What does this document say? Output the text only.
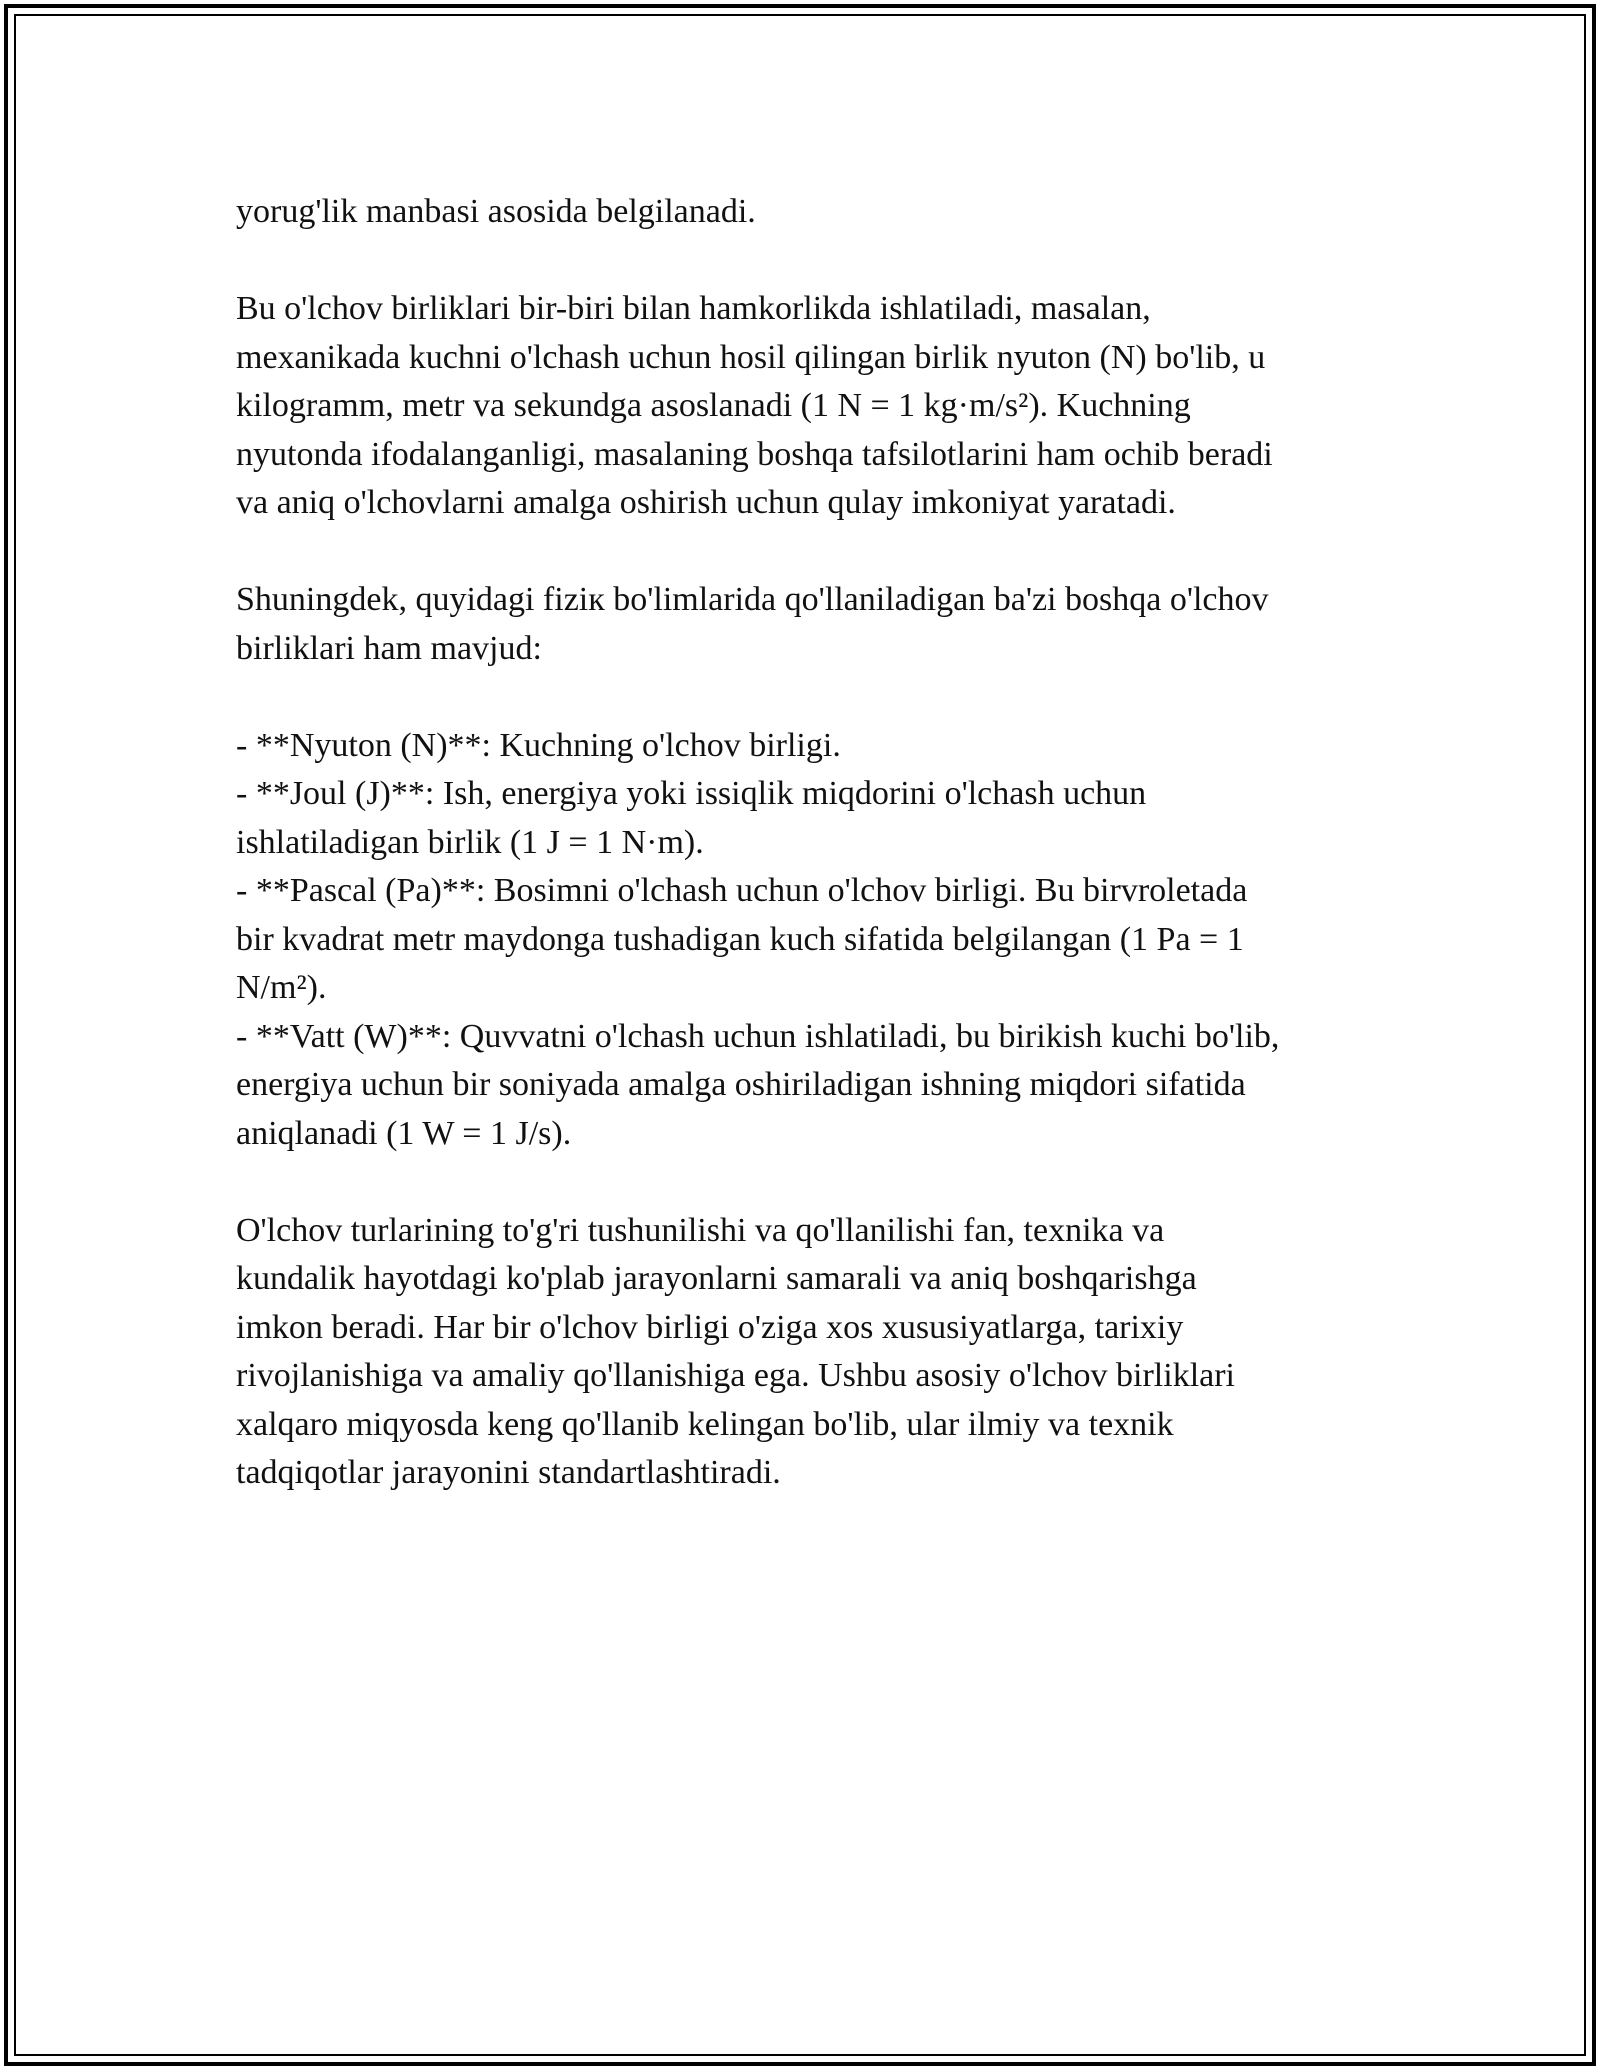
yorug'lik manbasi asosida belgilanadi.

Bu o'lchov birliklari bir-biri bilan hamkorlikda ishlatiladi, masalan,
mexanikada kuchni o'lchash uchun hosil qilingan birlik nyuton (N) bo'lib, u
kilogramm, metr va sekundga asoslanadi (1 N = 1 kg·m/s²). Kuchning
nyutonda ifodalanganligi, masalaning boshqa tafsilotlarini ham ochib beradi
va aniq o'lchovlarni amalga oshirish uchun qulay imkoniyat yaratadi.

Shuningdek, quyidagi fiziк bo'limlarida qo'llaniladigan ba'zi boshqa o'lchov
birliklari ham mavjud:

- **Nyuton (N)**: Kuchning o'lchov birligi.
- **Joul (J)**: Ish, energiya yoki issiqlik miqdorini o'lchash uchun
ishlatiladigan birlik (1 J = 1 N·m).
- **Pascal (Pa)**: Bosimni o'lchash uchun o'lchov birligi. Bu birvroletada
bir kvadrat metr maydonga tushadigan kuch sifatida belgilangan (1 Pa = 1
N/m²).
- **Vatt (W)**: Quvvatni o'lchash uchun ishlatiladi, bu birikish kuchi bo'lib,
energiya uchun bir soniyada amalga oshiriladigan ishning miqdori sifatida
aniqlanadi (1 W = 1 J/s).

O'lchov turlarining to'g'ri tushunilishi va qo'llanilishi fan, texnika va
kundalik hayotdagi ko'plab jarayonlarni samarali va aniq boshqarishga
imkon beradi. Har bir o'lchov birligi o'ziga xos xususiyatlarga, tarixiy
rivojlanishiga va amaliy qo'llanishiga ega. Ushbu asosiy o'lchov birliklari
xalqaro miqyosda keng qo'llanib kelingan bo'lib, ular ilmiy va texnik
tadqiqotlar jarayonini standartlashtiradi.
